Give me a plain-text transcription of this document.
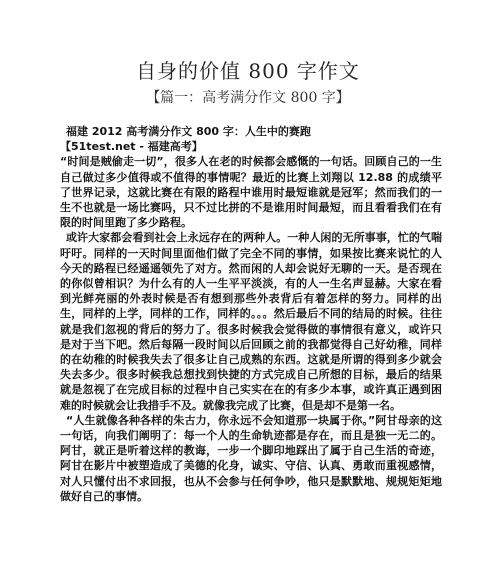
自身的价值 800 字作文
【篇一：高考满分作文 800 字】

福建 2012 高考满分作文 800 字：人生中的赛跑

【51test.net - 福建高考】

“时间是贼偷走一切”，很多人在老的时候都会感慨的一句话。回顾自己的一生自己做过多少值得或不值得的事情呢？最近的比赛上刘翔以 12.88 的成绩平了世界记录，这就比赛在有限的路程中谁用时最短谁就是冠军；然而我们的一生不也就是一场比赛吗，只不过比拼的不是谁用时间最短，而且看看我们在有限的时间里跑了多少路程。

或许大家都会看到社会上永远存在的两种人。一种人闲的无所事事，忙的气喘吁吁。同样的一天时间里面他们做了完全不同的事情，如果按比赛来说忙的人今天的路程已经遥遥领先了对方。然而闲的人却会说好无聊的一天。是否现在的你似曾相识？为什么有的人一生平平淡淡，有的人一生名声显赫。大家在看到光鲜亮丽的外表时候是否有想到那些外表背后有着怎样的努力。同样的出生，同样的上学，同样的工作，同样的。。。然后最后不同的结局的时候。往往就是我们忽视的背后的努力了。很多时候我会觉得做的事情很有意义，或许只是对于当下吧。然后每隔一段时间以后回顾之前的我都觉得自己好幼稚，同样的在幼稚的时候我失去了很多让自己成熟的东西。这就是所谓的得到多少就会失去多少。很多时候我总想找到快捷的方式完成自己所想的目标，最后的结果就是忽视了在完成目标的过程中自己实实在在的有多少本事，或许真正遇到困难的时候就会让我措手不及。就像我完成了比赛，但是却不是第一名。

“人生就像各种各样的朱古力，你永远不会知道那一块属于你。”阿甘母亲的这一句话，向我们阐明了：每一个人的生命轨迹都是存在，而且是独一无二的。阿甘，就正是听着这样的教诲，一步一个脚印地踩出了属于自己生活的奇迹，阿甘在影片中被塑造成了美德的化身，诚实、守信、认真、勇敢而重视感情，对人只懂付出不求回报，也从不会参与任何争吵，他只是默默地、规规矩矩地做好自己的事情。
